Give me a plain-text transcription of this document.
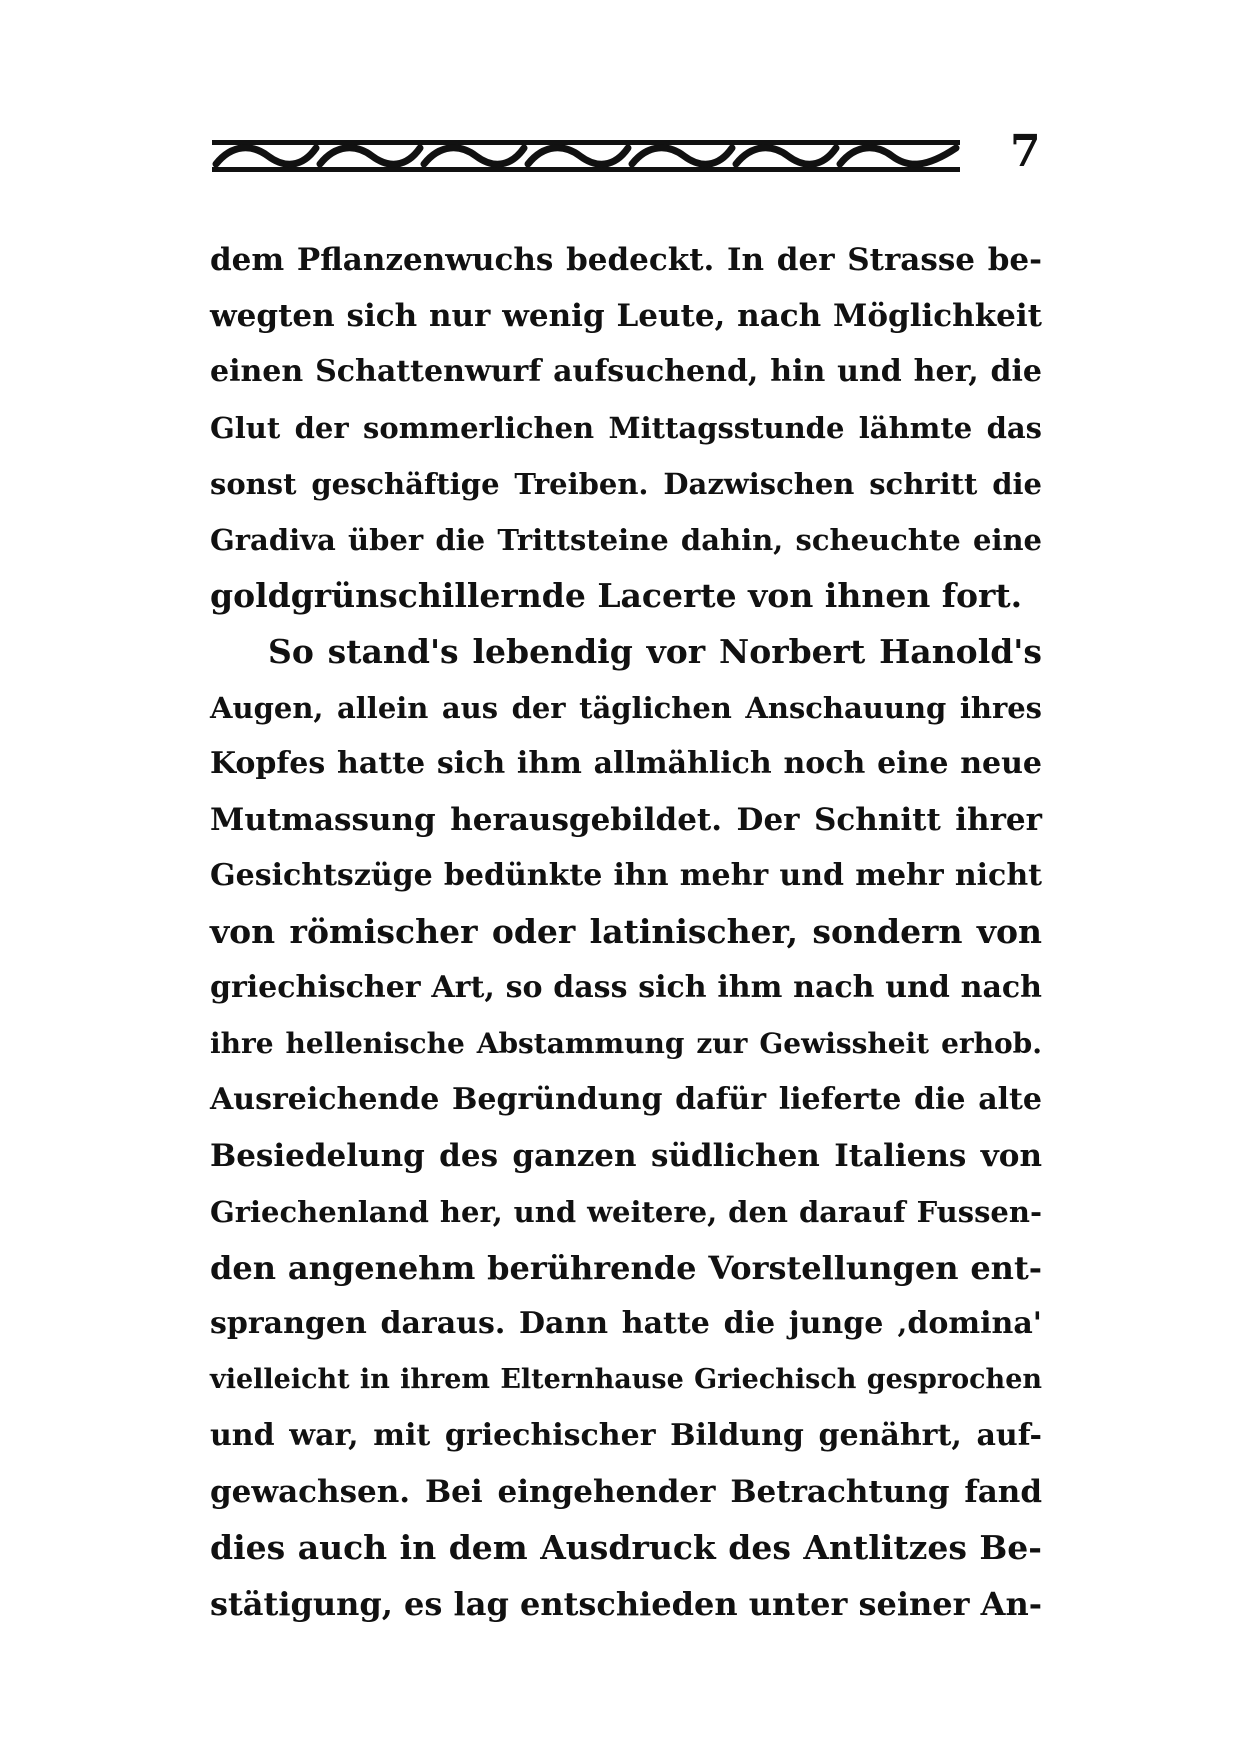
7
dem Pflanzenwuchs bedeckt. In der Strasse be-
wegten sich nur wenig Leute, nach Möglichkeit
einen Schattenwurf aufsuchend, hin und her, die
Glut der sommerlichen Mittagsstunde lähmte das
sonst geschäftige Treiben. Dazwischen schritt die
Gradiva über die Trittsteine dahin, scheuchte eine
goldgrünschillernde Lacerte von ihnen fort.
So stand's lebendig vor Norbert Hanold's
Augen, allein aus der täglichen Anschauung ihres
Kopfes hatte sich ihm allmählich noch eine neue
Mutmassung herausgebildet. Der Schnitt ihrer
Gesichtszüge bedünkte ihn mehr und mehr nicht
von römischer oder latinischer, sondern von
griechischer Art, so dass sich ihm nach und nach
ihre hellenische Abstammung zur Gewissheit erhob.
Ausreichende Begründung dafür lieferte die alte
Besiedelung des ganzen südlichen Italiens von
Griechenland her, und weitere, den darauf Fussen-
den angenehm berührende Vorstellungen ent-
sprangen daraus. Dann hatte die junge ‚domina'
vielleicht in ihrem Elternhause Griechisch gesprochen
und war, mit griechischer Bildung genährt, auf-
gewachsen. Bei eingehender Betrachtung fand
dies auch in dem Ausdruck des Antlitzes Be-
stätigung, es lag entschieden unter seiner An-
